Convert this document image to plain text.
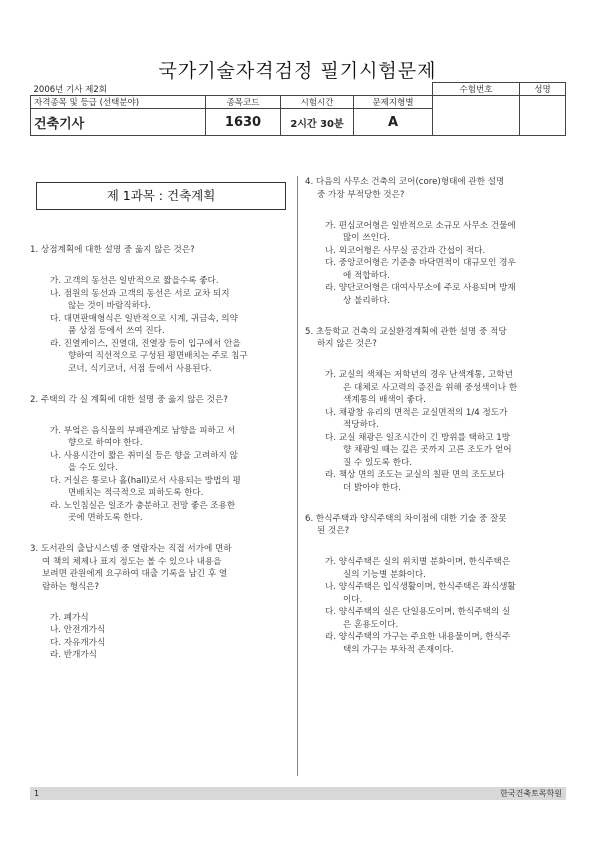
국가기술자격검정 필기시험문제
2006년 기사 제2회				수험번호	성명
자격종목 및 등급 (선택분야)	종목코드	시험시간	문제지형별		
건축기사	1630	2시간 30분	A		
제 1과목 : 건축계획
1. 상점계획에 대한 설명 중 옳지 않은 것은?
가. 고객의 동선은 일반적으로 짧을수록 좋다.
나. 점원의 동선과 고객의 동선은 서로 교차 되지
않는 것이 바람직하다.
다. 대면판매형식은 일반적으로 시계, 귀금속, 의약
품 상점 등에서 쓰여 진다.
라. 진열케이스, 진열대, 진열장 등이 입구에서 안을
향하여 직선적으로 구성된 평면배치는 주로 침구
코너, 식기코너, 서점 등에서 사용된다.
2. 주택의 각 실 계획에 대한 설명 중 옳지 않은 것은?
가. 부엌은 음식물의 부패관계로 남향을 피하고 서
향으로 하여야 한다.
나. 사용시간이 짧은 취미실 등은 향을 고려하지 않
을 수도 있다.
다. 거실은 통로나 홀(hall)로서 사용되는 방법의 평
면배치는 적극적으로 피하도록 한다.
라. 노인침실은 일조가 충분하고 전망 좋은 조용한
곳에 면하도록 한다.
3. 도서관의 출납시스템 중 열람자는 직접 서가에 면하
여 책의 체제나 표지 정도는 볼 수 있으나 내용을
보려면 관원에게 요구하여 대출 기록을 남긴 후 열
람하는 형식은?
가. 폐가식
나. 안전개가식
다. 자유개가식
라. 반개가식
4. 다음의 사무소 건축의 코어(core)형태에 관한 설명
중 가장 부적당한 것은?
가. 편심코어형은 일반적으로 소규모 사무소 건물에
많이 쓰인다.
나. 외코어형은 사무실 공간과 간섭이 적다.
다. 중앙코어형은 기준층 바닥면적이 대규모인 경우
에 적합하다.
라. 양단코어형은 대여사무소에 주로 사용되며 방재
상 불리하다.
5. 초등학교 건축의 교실환경계획에 관한 설명 중 적당
하지 않은 것은?
가. 교실의 색채는 저학년의 경우 난색계통, 고학년
은 대체로 사고력의 증진을 위해 중성색이나 한
색계통의 배색이 좋다.
나. 채광창 유리의 면적은 교실면적의 1/4 정도가
적당하다.
다. 교실 채광은 일조시간이 긴 방위를 택하고 1방
향 채광일 때는 깊은 곳까지 고른 조도가 얻어
질 수 있도록 한다.
라. 책상 면의 조도는 교실의 칠판 면의 조도보다
더 밝아야 한다.
6. 한식주택과 양식주택의 차이점에 대한 기술 중 잘못
된 것은?
가. 양식주택은 실의 위치별 분화이며, 한식주택은
실의 기능별 분화이다.
나. 양식주택은 입식생활이며, 한식주택은 좌식생활
이다.
다. 양식주택의 실은 단일용도이며, 한식주택의 실
은 혼용도이다.
라. 양식주택의 가구는 주요한 내용물이며, 한식주
택의 가구는 부차적 존재이다.
1	한국건축토목학원
